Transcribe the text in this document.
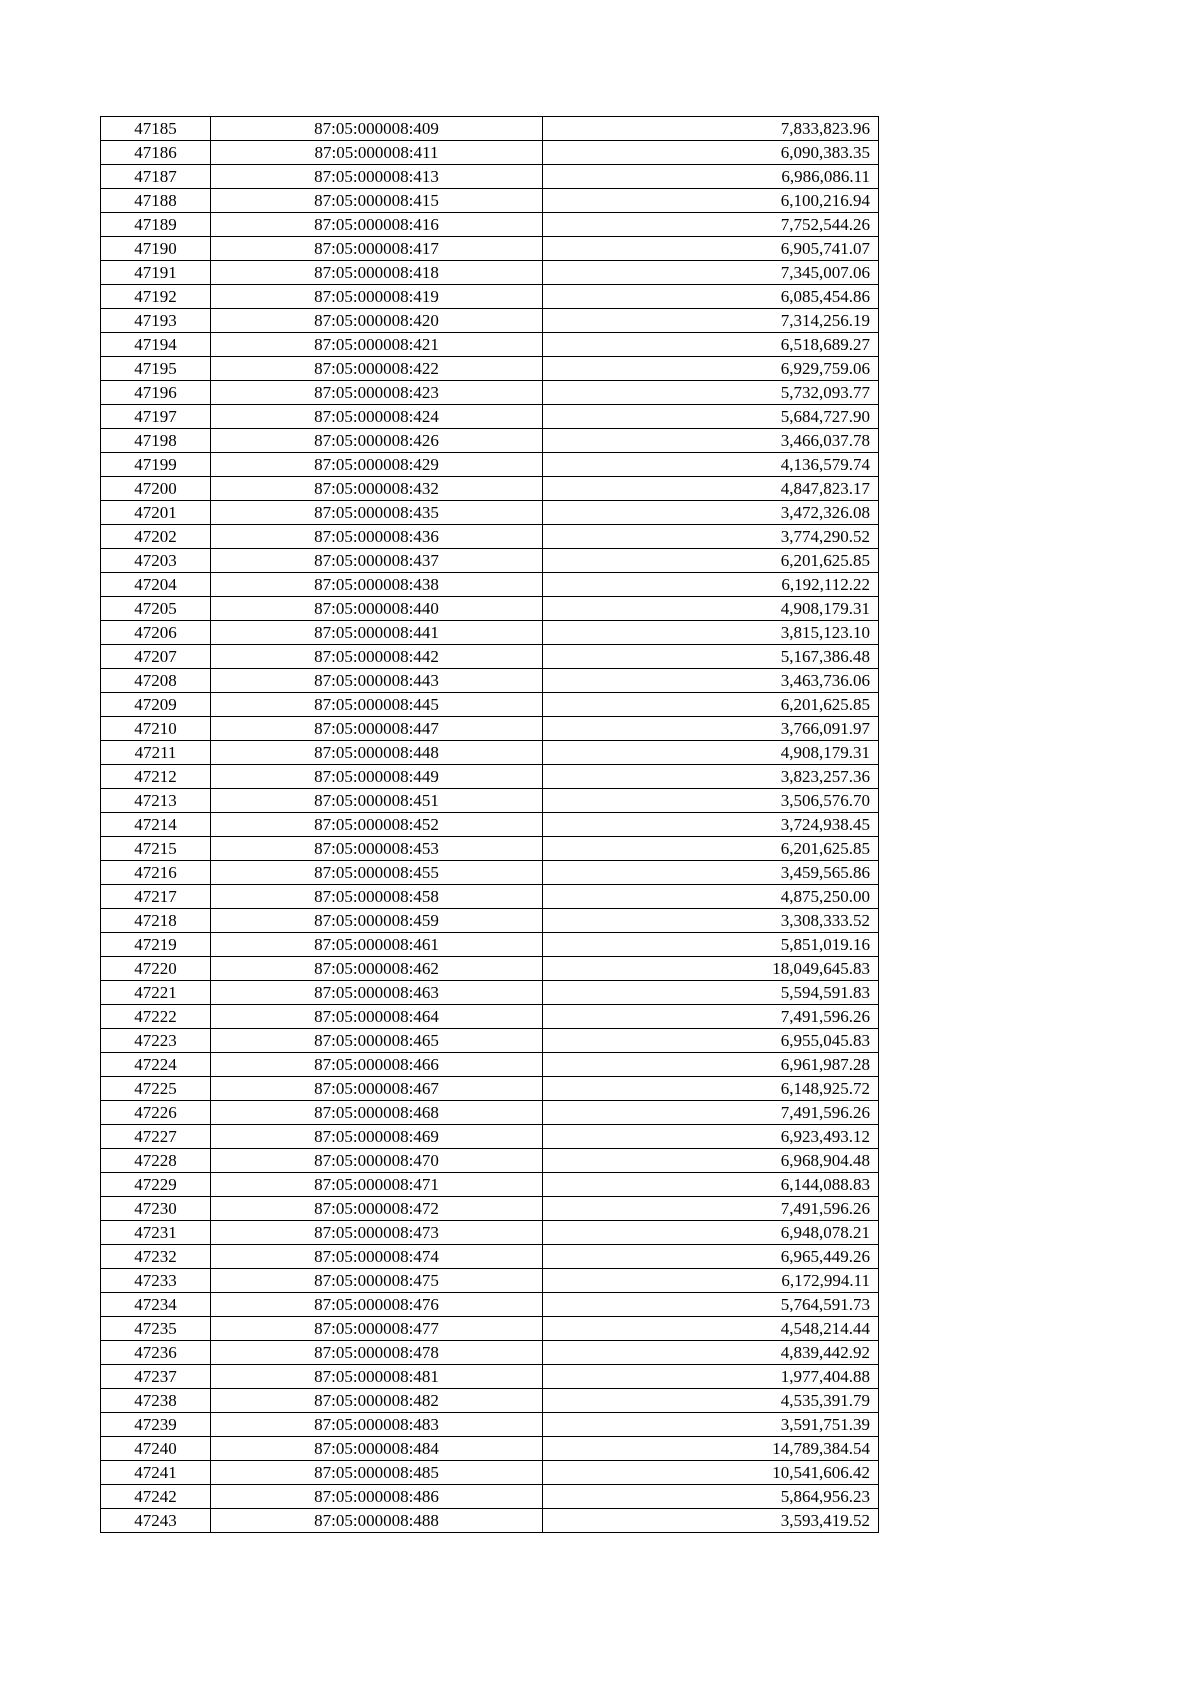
47185	87:05:000008:409	7,833,823.96
47186	87:05:000008:411	6,090,383.35
47187	87:05:000008:413	6,986,086.11
47188	87:05:000008:415	6,100,216.94
47189	87:05:000008:416	7,752,544.26
47190	87:05:000008:417	6,905,741.07
47191	87:05:000008:418	7,345,007.06
47192	87:05:000008:419	6,085,454.86
47193	87:05:000008:420	7,314,256.19
47194	87:05:000008:421	6,518,689.27
47195	87:05:000008:422	6,929,759.06
47196	87:05:000008:423	5,732,093.77
47197	87:05:000008:424	5,684,727.90
47198	87:05:000008:426	3,466,037.78
47199	87:05:000008:429	4,136,579.74
47200	87:05:000008:432	4,847,823.17
47201	87:05:000008:435	3,472,326.08
47202	87:05:000008:436	3,774,290.52
47203	87:05:000008:437	6,201,625.85
47204	87:05:000008:438	6,192,112.22
47205	87:05:000008:440	4,908,179.31
47206	87:05:000008:441	3,815,123.10
47207	87:05:000008:442	5,167,386.48
47208	87:05:000008:443	3,463,736.06
47209	87:05:000008:445	6,201,625.85
47210	87:05:000008:447	3,766,091.97
47211	87:05:000008:448	4,908,179.31
47212	87:05:000008:449	3,823,257.36
47213	87:05:000008:451	3,506,576.70
47214	87:05:000008:452	3,724,938.45
47215	87:05:000008:453	6,201,625.85
47216	87:05:000008:455	3,459,565.86
47217	87:05:000008:458	4,875,250.00
47218	87:05:000008:459	3,308,333.52
47219	87:05:000008:461	5,851,019.16
47220	87:05:000008:462	18,049,645.83
47221	87:05:000008:463	5,594,591.83
47222	87:05:000008:464	7,491,596.26
47223	87:05:000008:465	6,955,045.83
47224	87:05:000008:466	6,961,987.28
47225	87:05:000008:467	6,148,925.72
47226	87:05:000008:468	7,491,596.26
47227	87:05:000008:469	6,923,493.12
47228	87:05:000008:470	6,968,904.48
47229	87:05:000008:471	6,144,088.83
47230	87:05:000008:472	7,491,596.26
47231	87:05:000008:473	6,948,078.21
47232	87:05:000008:474	6,965,449.26
47233	87:05:000008:475	6,172,994.11
47234	87:05:000008:476	5,764,591.73
47235	87:05:000008:477	4,548,214.44
47236	87:05:000008:478	4,839,442.92
47237	87:05:000008:481	1,977,404.88
47238	87:05:000008:482	4,535,391.79
47239	87:05:000008:483	3,591,751.39
47240	87:05:000008:484	14,789,384.54
47241	87:05:000008:485	10,541,606.42
47242	87:05:000008:486	5,864,956.23
47243	87:05:000008:488	3,593,419.52
